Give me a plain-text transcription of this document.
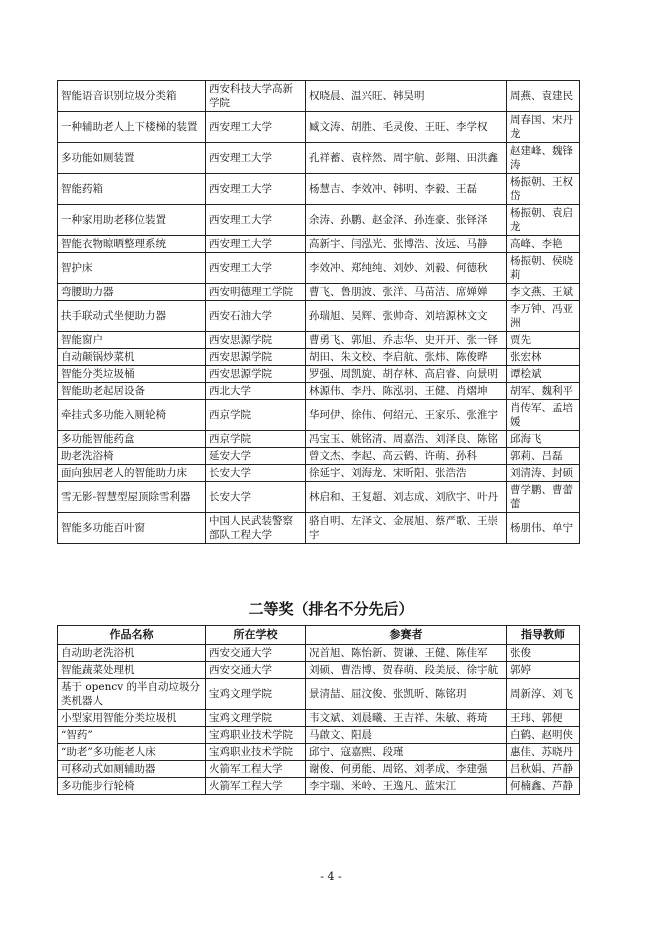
智能语音识别垃圾分类箱	西安科技大学高新学院	权晓晨、温兴旺、韩昊明	周燕、袁建民
一种辅助老人上下楼梯的装置	西安理工大学	臧文涛、胡胜、毛灵俊、王旺、李学权	周春国、宋丹龙
多功能如厕装置	西安理工大学	孔祥蓄、袁梓然、周宇航、彭翔、田洪鑫	赵建峰、魏锋涛
智能药箱	西安理工大学	杨慧吉、李效冲、韩明、李毅、王磊	杨振朝、王权岱
一种家用助老移位装置	西安理工大学	余涛、孙鹏、赵金泽、孙连豪、张铎泽	杨振朝、袁启龙
智能衣物晾晒整理系统	西安理工大学	高新宇、闫泓光、张博浩、汝远、马静	高峰、李艳
智护床	西安理工大学	李效冲、郑纯纯、刘妙、刘毅、何德秋	杨振朝、侯晓莉
弯腰助力器	西安明德理工学院	曹飞、鲁朋波、张洋、马苗洁、席婵婵	李文燕、王斌
扶手联动式坐便助力器	西安石油大学	孙瑞旭、吴辉、张帅奇、刘培源林文文	李万钟、冯亚洲
智能窗户	西安思源学院	曹勇飞、郭旭、乔志华、史开开、张一铎	贾先
自动颠锅炒菜机	西安思源学院	胡田、朱文校、李启航、张炜、陈俊晔	张宏林
智能分类垃圾桶	西安思源学院	罗强、周凯旋、胡存林、高启睿、向景明	谭桧斌
智能助老起居设备	西北大学	林源伟、李丹、陈泓羽、王健、肖熠坤	胡军、魏利平
牵挂式多功能入厕轮椅	西京学院	华珂伊、徐伟、何绍元、王家乐、张淮宇	肖传军、孟培媛
多功能智能药盒	西京学院	冯宝玉、姚铭清、周嘉浩、刘泽良、陈铭	邱海飞
助老洗浴椅	延安大学	曾文杰、李起、高云鹤、许萌、孙科	郭莉、吕磊
面向独居老人的智能助力床	长安大学	徐延宇、刘海龙、宋昕阳、张浩浩	刘清涛、封硕
雪无影-智慧型屋顶除雪利器	长安大学	林启和、王复超、刘志成、刘欣宇、叶丹	曹学鹏、曹蕾蕾
智能多功能百叶窗	中国人民武装警察部队工程大学	骆自明、左泽文、金展旭、蔡严歌、王崇宇	杨朋伟、单宁
二等奖（排名不分先后）
作品名称	所在学校	参赛者	指导教师
自动助老洗浴机	西安交通大学	况首旭、陈怡新、贺谦、王健、陈佳军	张俊
智能蔬菜处理机	西安交通大学	刘硕、曹浩博、贺春萌、段美辰、徐宇航	郭婷
基于 opencv 的半自动垃圾分类机器人	宝鸡文理学院	景清喆、屈汶俊、张凯昕、陈铭玥	周新淳、刘飞
小型家用智能分类垃圾机	宝鸡文理学院	韦文斌、刘晨曦、王吉祥、朱敏、蒋琦	王玮、郭便
“智药”	宝鸡职业技术学院	马啟文、阳晨	白鹤、赵明侠
“助老”多功能老人床	宝鸡职业技术学院	邱宁、寇嘉熙、段瑾	惠佳、苏晓丹
可移动式如厕辅助器	火箭军工程大学	谢俊、何勇能、周铭、刘孝成、李建强	吕秋娟、芦静
多功能步行轮椅	火箭军工程大学	李宇瑞、米岭、王逸凡、蓝宋江	何楠鑫、芦静
- 4 -
